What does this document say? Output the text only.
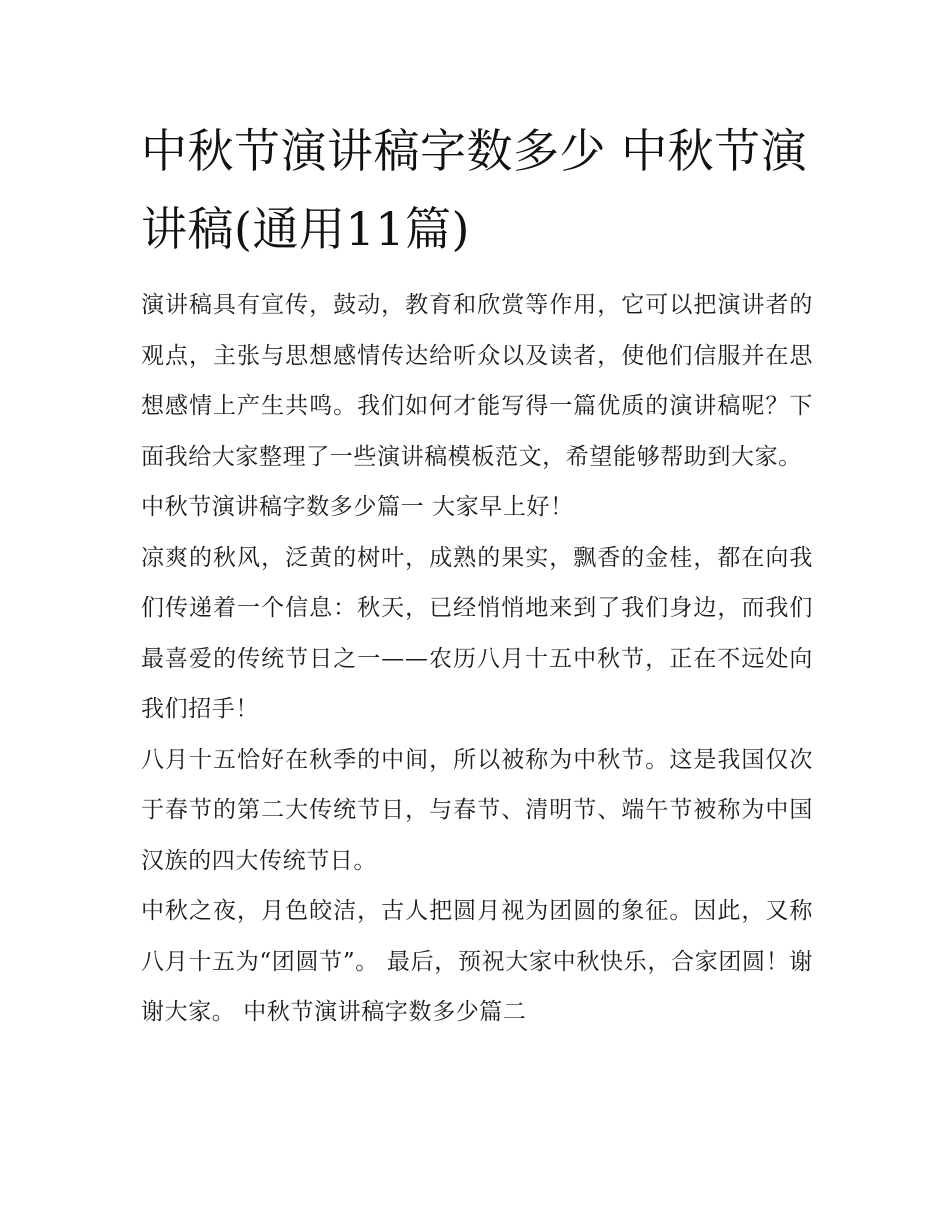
中秋节演讲稿字数多少 中秋节演讲稿(通用11篇)

演讲稿具有宣传，鼓动，教育和欣赏等作用，它可以把演讲者的观点，主张与思想感情传达给听众以及读者，使他们信服并在思想感情上产生共鸣。我们如何才能写得一篇优质的演讲稿呢？下面我给大家整理了一些演讲稿模板范文，希望能够帮助到大家。

中秋节演讲稿字数多少篇一 大家早上好！

凉爽的秋风，泛黄的树叶，成熟的果实，飘香的金桂，都在向我们传递着一个信息：秋天，已经悄悄地来到了我们身边，而我们最喜爱的传统节日之一——农历八月十五中秋节，正在不远处向我们招手！

八月十五恰好在秋季的中间，所以被称为中秋节。这是我国仅次于春节的第二大传统节日，与春节、清明节、端午节被称为中国汉族的四大传统节日。

中秋之夜，月色皎洁，古人把圆月视为团圆的象征。因此，又称八月十五为“团圆节”。 最后，预祝大家中秋快乐，合家团圆！谢谢大家。 中秋节演讲稿字数多少篇二
